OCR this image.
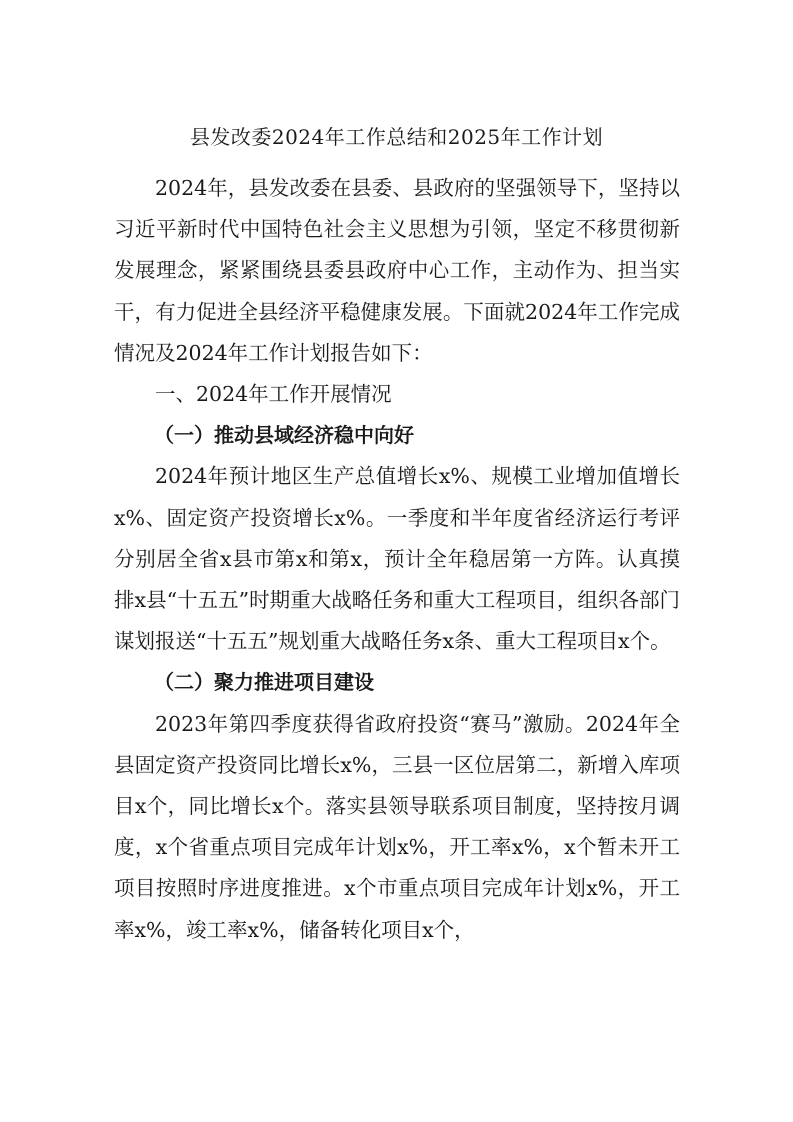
县发改委2024年工作总结和2025年工作计划

2024年，县发改委在县委、县政府的坚强领导下，坚持以习近平新时代中国特色社会主义思想为引领，坚定不移贯彻新发展理念，紧紧围绕县委县政府中心工作，主动作为、担当实干，有力促进全县经济平稳健康发展。下面就2024年工作完成情况及2024年工作计划报告如下：

一、2024年工作开展情况

（一）推动县域经济稳中向好

2024年预计地区生产总值增长x%、规模工业增加值增长x%、固定资产投资增长x%。一季度和半年度省经济运行考评分别居全省x县市第x和第x，预计全年稳居第一方阵。认真摸排x县“十五五”时期重大战略任务和重大工程项目，组织各部门谋划报送“十五五”规划重大战略任务x条、重大工程项目x个。

（二）聚力推进项目建设

2023年第四季度获得省政府投资“赛马”激励。2024年全县固定资产投资同比增长x%，三县一区位居第二，新增入库项目x个，同比增长x个。落实县领导联系项目制度，坚持按月调度，x个省重点项目完成年计划x%，开工率x%，x个暂未开工项目按照时序进度推进。x个市重点项目完成年计划x%，开工率x%，竣工率x%，储备转化项目x个，
